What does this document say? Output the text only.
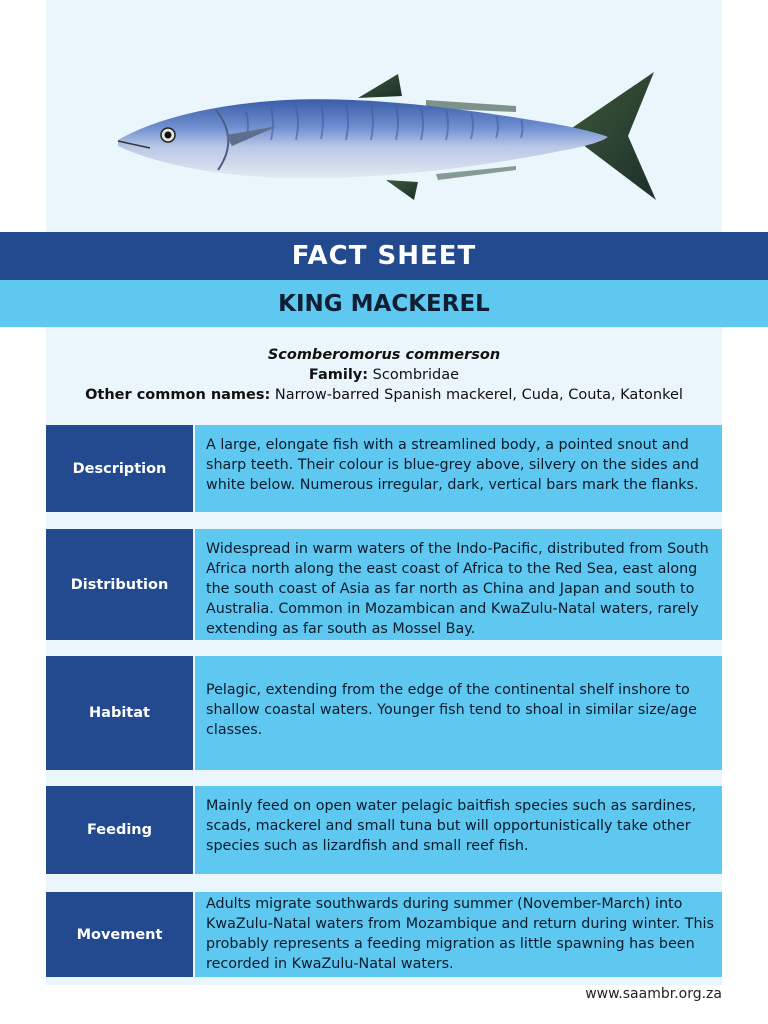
FACT SHEET
KING MACKEREL
Scomberomorus commerson
Family: Scombridae
Other common names: Narrow-barred Spanish mackerel, Cuda, Couta, Katonkel
Description
A large, elongate fish with a streamlined body, a pointed snout and sharp teeth. Their colour is blue-grey above, silvery on the sides and white below. Numerous irregular, dark, vertical bars mark the flanks.
Distribution
Widespread in warm waters of the Indo-Pacific, distributed from South Africa north along the east coast of Africa to the Red Sea, east along the south coast of Asia as far north as China and Japan and south to Australia. Common in Mozambican and KwaZulu-Natal waters, rarely extending as far south as Mossel Bay.
Habitat
Pelagic, extending from the edge of the continental shelf inshore to shallow coastal waters. Younger fish tend to shoal in similar size/age classes.
Feeding
Mainly feed on open water pelagic baitfish species such as sardines, scads, mackerel and small tuna but will opportunistically take other species such as lizardfish and small reef fish.
Movement
Adults migrate southwards during summer (November-March) into KwaZulu-Natal waters from Mozambique and return during winter. This probably represents a feeding migration as little spawning has been recorded in KwaZulu-Natal waters.
www.saambr.org.za
